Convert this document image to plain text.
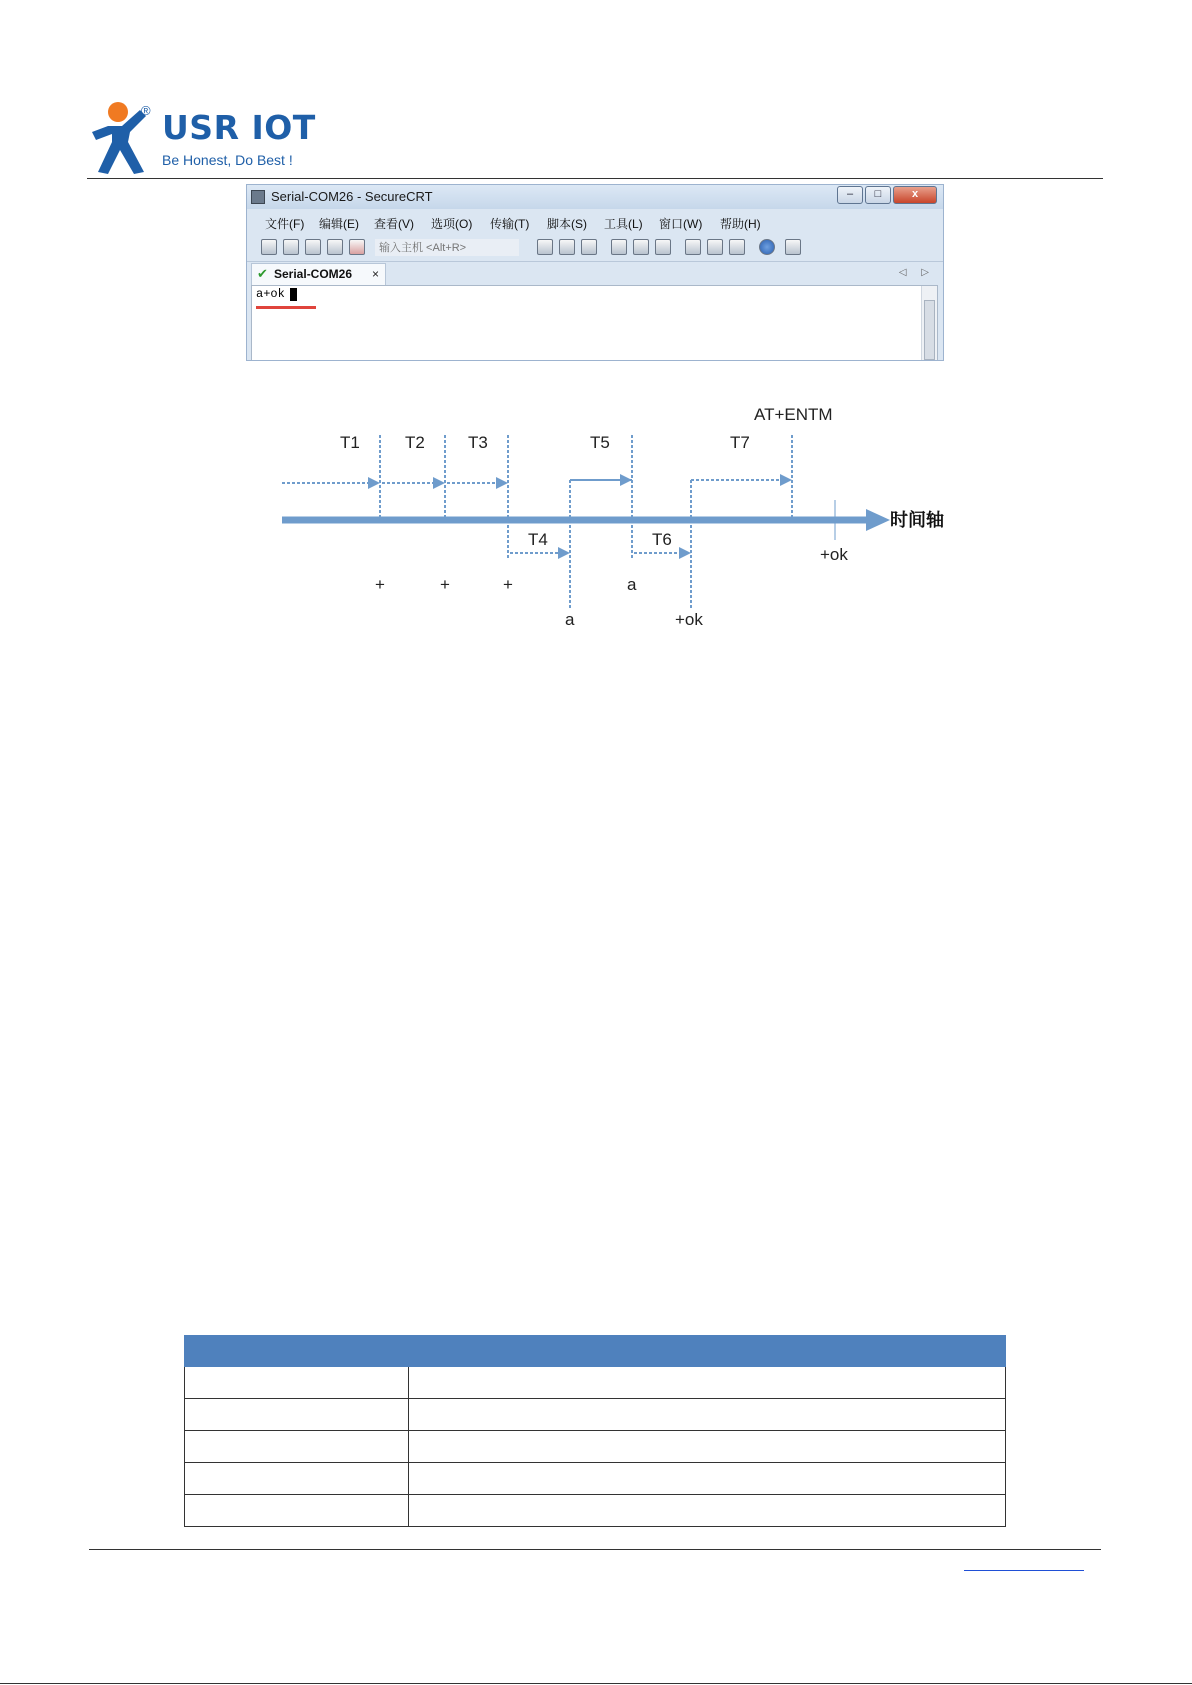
® USR IOT
Be Honest, Do Best !
Serial-COM26 - SecureCRT	–	□	x
文件(F) 编辑(E) 查看(V) 选项(O) 传输(T) 脚本(S) 工具(L) 窗口(W) 帮助(H)
输入主机 <Alt+R>
✔ Serial-COM26 ×	◁ ▷
a+ok
时间轴
T1	T2	T3	T5	T7
T4	T6
AT+ENTM
+	+	+
a
a
+ok
+ok
